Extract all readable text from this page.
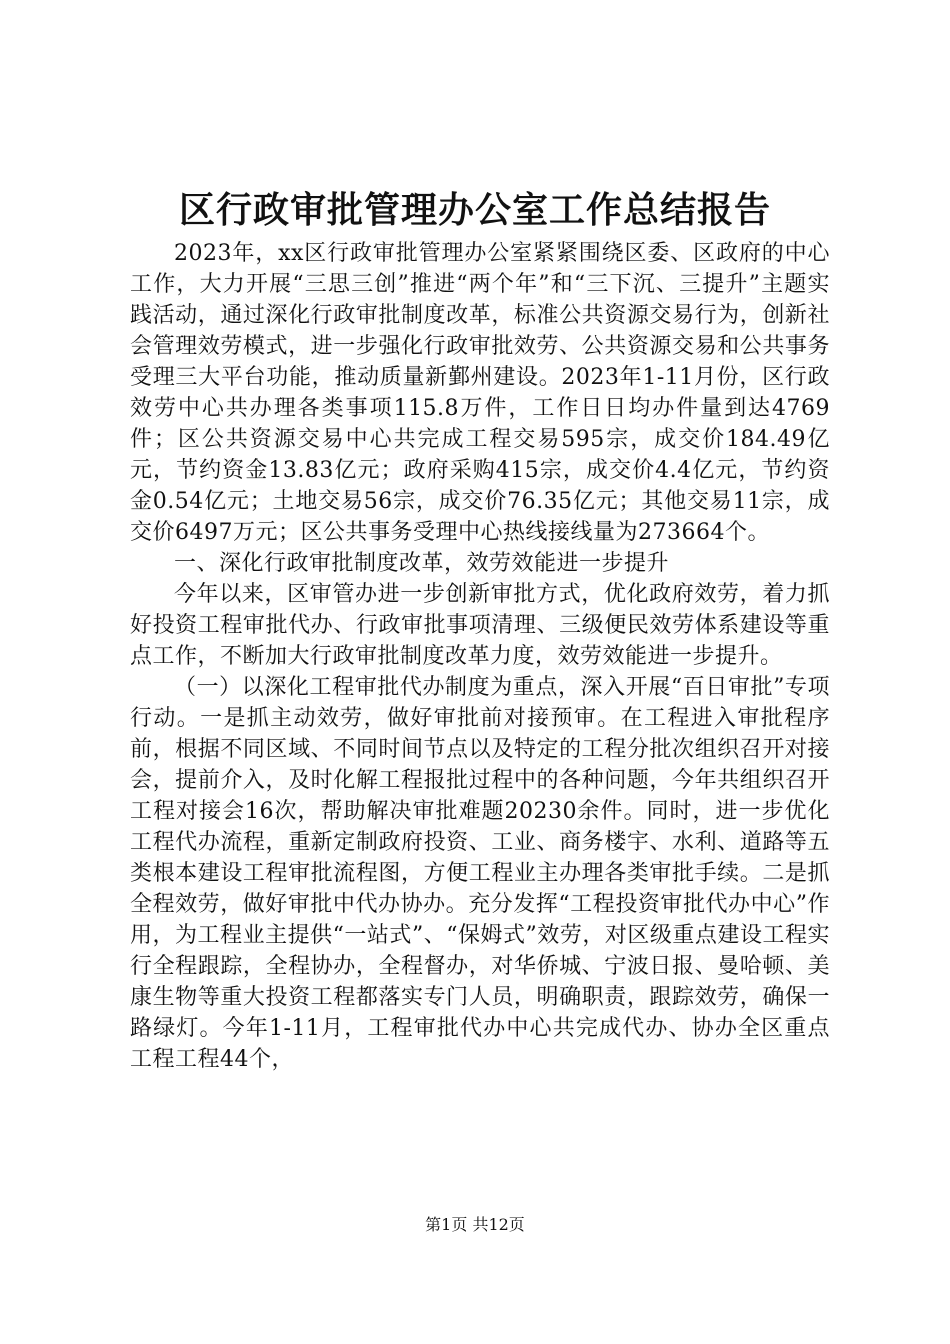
区行政审批管理办公室工作总结报告

2023年，xx区行政审批管理办公室紧紧围绕区委、区政府的中心工作，大力开展“三思三创”推进“两个年”和“三下沉、三提升”主题实践活动，通过深化行政审批制度改革，标准公共资源交易行为，创新社会管理效劳模式，进一步强化行政审批效劳、公共资源交易和公共事务受理三大平台功能，推动质量新鄞州建设。2023年1-11月份，区行政效劳中心共办理各类事项115.8万件，工作日日均办件量到达4769件；区公共资源交易中心共完成工程交易595宗，成交价184.49亿元，节约资金13.83亿元；政府采购415宗，成交价4.4亿元，节约资金0.54亿元；土地交易56宗，成交价76.35亿元；其他交易11宗，成交价6497万元；区公共事务受理中心热线接线量为273664个。

一、深化行政审批制度改革，效劳效能进一步提升

今年以来，区审管办进一步创新审批方式，优化政府效劳，着力抓好投资工程审批代办、行政审批事项清理、三级便民效劳体系建设等重点工作，不断加大行政审批制度改革力度，效劳效能进一步提升。

（一）以深化工程审批代办制度为重点，深入开展“百日审批”专项行动。一是抓主动效劳，做好审批前对接预审。在工程进入审批程序前，根据不同区域、不同时间节点以及特定的工程分批次组织召开对接会，提前介入，及时化解工程报批过程中的各种问题，今年共组织召开工程对接会16次，帮助解决审批难题20230余件。同时，进一步优化工程代办流程，重新定制政府投资、工业、商务楼宇、水利、道路等五类根本建设工程审批流程图，方便工程业主办理各类审批手续。二是抓全程效劳，做好审批中代办协办。充分发挥“工程投资审批代办中心”作用，为工程业主提供“一站式”、“保姆式”效劳，对区级重点建设工程实行全程跟踪，全程协办，全程督办，对华侨城、宁波日报、曼哈顿、美康生物等重大投资工程都落实专门人员，明确职责，跟踪效劳，确保一路绿灯。今年1-11月，工程审批代办中心共完成代办、协办全区重点工程工程44个，

第1页 共12页
